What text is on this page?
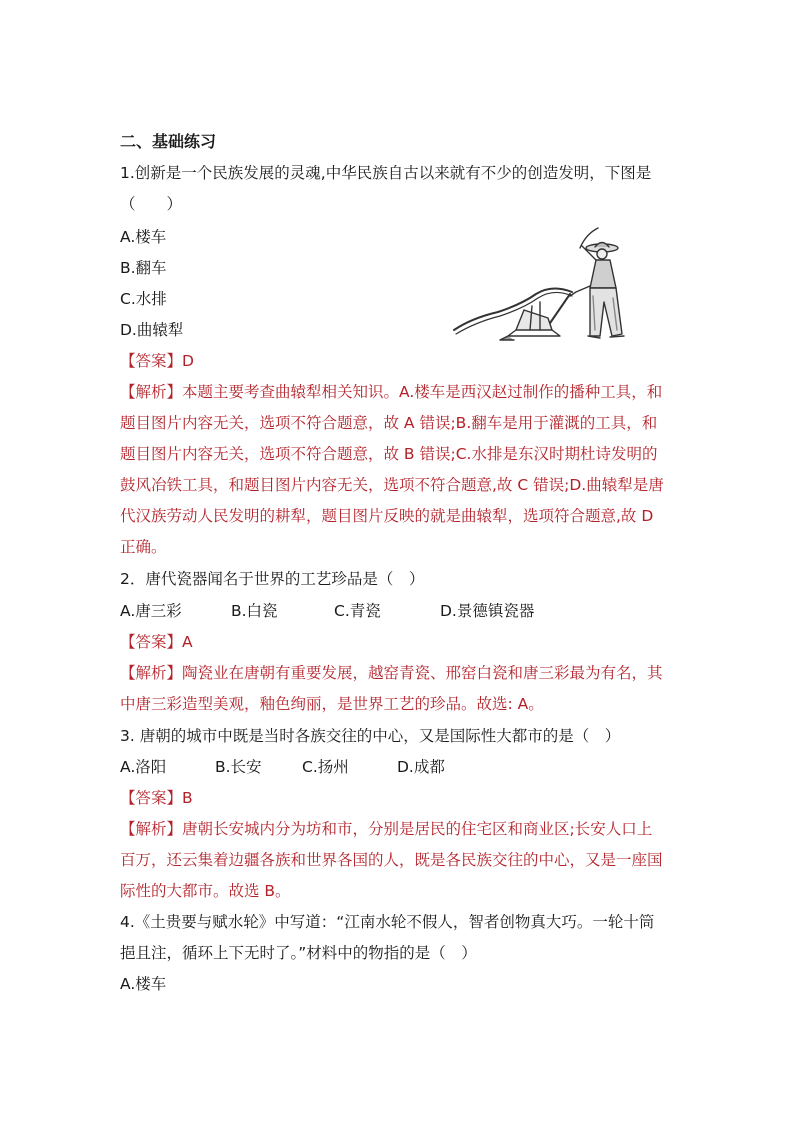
二、基础练习
1.创新是一个民族发展的灵魂,中华民族自古以来就有不少的创造发明，下图是
（　　）
A.楼车
B.翻车
C.水排
D.曲辕犁
【答案】D
【解析】本题主要考查曲辕犁相关知识。A.楼车是西汉赵过制作的播种工具，和
题目图片内容无关，选项不符合题意，故 A 错误;B.翻车是用于灌溉的工具，和
题目图片内容无关，选项不符合题意，故 B 错误;C.水排是东汉时期杜诗发明的
鼓风冶铁工具，和题目图片内容无关，选项不符合题意,故 C 错误;D.曲辕犁是唐
代汉族劳动人民发明的耕犁，题目图片反映的就是曲辕犁，选项符合题意,故 D
正确。
2．唐代瓷器闻名于世界的工艺珍品是（　）
A.唐三彩	B.白瓷	C.青瓷	D.景德镇瓷器
【答案】A
【解析】陶瓷业在唐朝有重要发展，越窑青瓷、邢窑白瓷和唐三彩最为有名，其
中唐三彩造型美观，釉色绚丽，是世界工艺的珍品。故选: A。
3. 唐朝的城市中既是当时各族交往的中心，又是国际性大都市的是（　）
A.洛阳	B.长安	C.扬州	D.成都
【答案】B
【解析】唐朝长安城内分为坊和市，分别是居民的住宅区和商业区;长安人口上
百万，还云集着边疆各族和世界各国的人，既是各民族交往的中心，又是一座国
际性的大都市。故选 B。
4.《土贵要与赋水轮》中写道：“江南水轮不假人，智者创物真大巧。一轮十筒
挹且注，循环上下无时了。”材料中的物指的是（　）
A.楼车
